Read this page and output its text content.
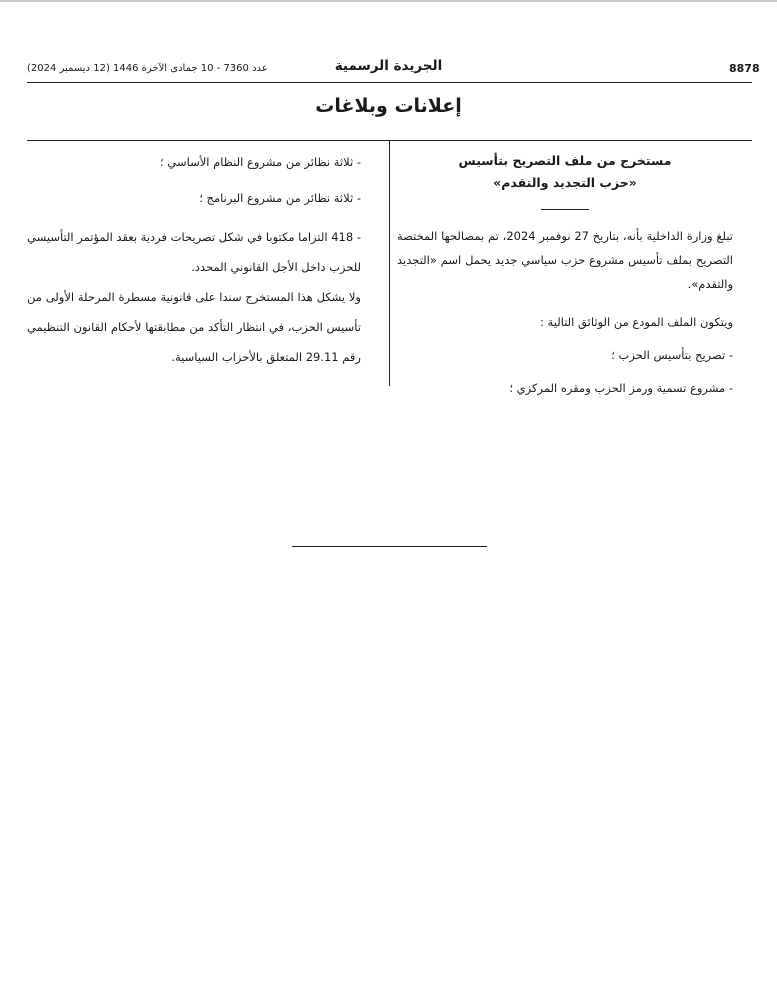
8878
الجريدة الرسمية
عدد 7360 - 10 جمادى الآخرة 1446 (12 ديسمبر 2024)
إعلانات وبلاغات

مستخرج من ملف التصريح بتأسيس

«حزب التجديد والتقدم»

تبلغ وزارة الداخلية بأنه، بتاريخ 27 نوفمبر 2024، تم بمصالحها المختصة التصريح بملف تأسيس مشروع حزب سياسي جديد يحمل اسم «التجديد والتقدم».

ويتكون الملف المودع من الوثائق التالية :

- تصريح بتأسيس الحزب ؛

- مشروع تسمية ورمز الحزب ومقره المركزي ؛

- ثلاثة نظائر من مشروع النظام الأساسي ؛

- ثلاثة نظائر من مشروع البرنامج ؛

- 418 التزاما مكتوبا في شكل تصريحات فردية بعقد المؤتمر التأسيسي للحزب داخل الأجل القانوني المحدد.

ولا يشكل هذا المستخرج سندا على قانونية مسطرة المرحلة الأولى من تأسيس الحزب، في انتظار التأكد من مطابقتها لأحكام القانون التنظيمي رقم 29.11 المتعلق بالأحزاب السياسية.
